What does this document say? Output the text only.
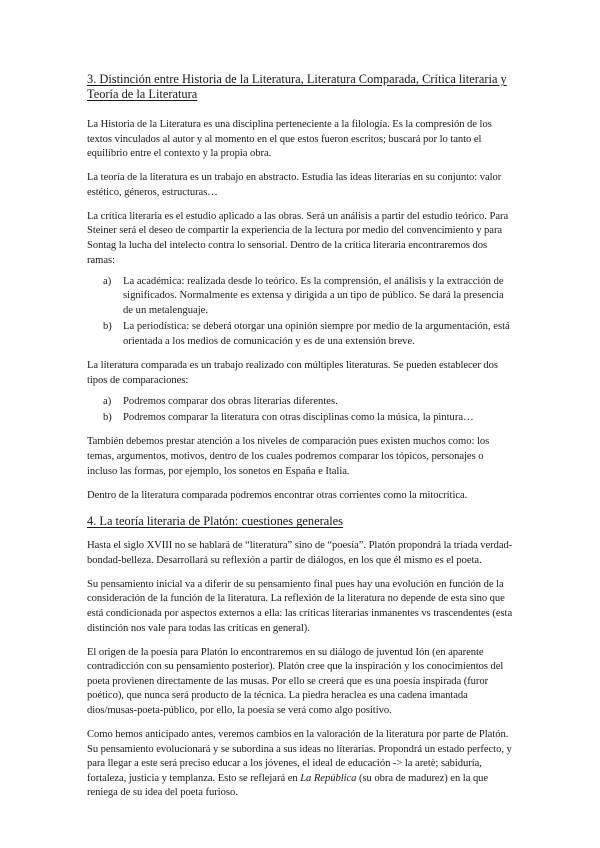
3. Distinción entre Historia de la Literatura, Literatura Comparada, Crítica literaria y Teoría de la Literatura

La Historia de la Literatura es una disciplina perteneciente a la filología. Es la compresión de los textos vinculados al autor y al momento en el que estos fueron escritos; buscará por lo tanto el equilibrio entre el contexto y la propia obra.

La teoría de la literatura es un trabajo en abstracto. Estudia las ideas literarias en su conjunto: valor estético, géneros, estructuras…

La crítica literaria es el estudio aplicado a las obras. Será un análisis a partir del estudio teórico. Para Steiner será el deseo de compartir la experiencia de la lectura por medio del convencimiento y para Sontag la lucha del intelecto contra lo sensorial. Dentro de la crítica literaria encontraremos dos ramas:

a) La académica: realizada desde lo teórico. Es la comprensión, el análisis y la extracción de significados. Normalmente es extensa y dirigida a un tipo de público. Se dará la presencia de un metalenguaje.
b) La periodística: se deberá otorgar una opinión siempre por medio de la argumentación, está orientada a los medios de comunicación y es de una extensión breve.

La literatura comparada es un trabajo realizado con múltiples literaturas. Se pueden establecer dos tipos de comparaciones:

a) Podremos comparar dos obras literarias diferentes.
b) Podremos comparar la literatura con otras disciplinas como la música, la pintura…

También debemos prestar atención a los niveles de comparación pues existen muchos como: los temas, argumentos, motivos, dentro de los cuales podremos comparar los tópicos, personajes o incluso las formas, por ejemplo, los sonetos en España e Italia.

Dentro de la literatura comparada podremos encontrar otras corrientes como la mitocrítica.

4. La teoría literaria de Platón: cuestiones generales

Hasta el siglo XVIII no se hablará de “literatura” sino de “poesía”. Platón propondrá la tríada verdad-bondad-belleza. Desarrollará su reflexión a partir de diálogos, en los que él mismo es el poeta.

Su pensamiento inicial va a diferir de su pensamiento final pues hay una evolución en función de la consideración de la función de la literatura. La reflexión de la literatura no depende de esta sino que está condicionada por aspectos externos a ella: las críticas literarias inmanentes vs trascendentes (esta distinción nos vale para todas las críticas en general).

El origen de la poesía para Platón lo encontraremos en su diálogo de juventud Ión (en aparente contradicción con su pensamiento posterior). Platón cree que la inspiración y los conocimientos del poeta provienen directamente de las musas. Por ello se creerá que es una poesía inspirada (furor poético), que nunca será producto de la técnica. La piedra heraclea es una cadena imantada dios/musas-poeta-público, por ello, la poesía se verá como algo positivo.

Como hemos anticipado antes, veremos cambios en la valoración de la literatura por parte de Platón. Su pensamiento evolucionará y se subordina a sus ideas no literarias. Propondrá un estado perfecto, y para llegar a este será preciso educar a los jóvenes, el ideal de educación -> la aretè; sabiduría, fortaleza, justicia y templanza. Esto se reflejará en La República (su obra de madurez) en la que reniega de su idea del poeta furioso.
